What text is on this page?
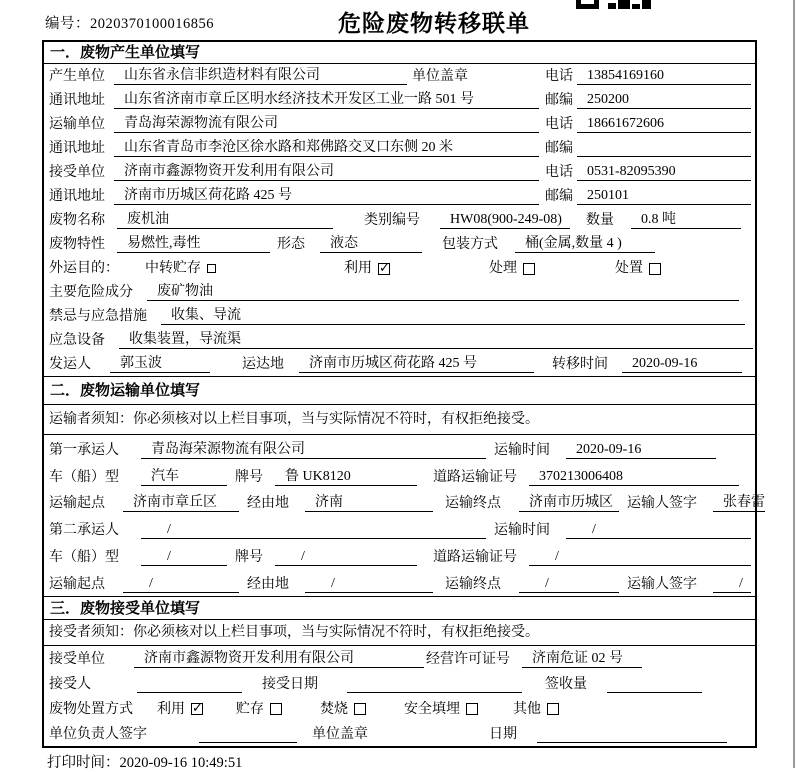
编号：2020370100016856	危险废物转移联单
一．废物产生单位填写
产生单位	山东省永信非织造材料有限公司	单位盖章	电话	13854169160
通讯地址	山东省济南市章丘区明水经济技术开发区工业一路 501 号	邮编	250200
运输单位	青岛海荣源物流有限公司	电话	18661672606
通讯地址	山东省青岛市李沧区徐水路和郑佛路交叉口东侧 20 米	邮编
接受单位	济南市鑫源物资开发利用有限公司	电话	0531-82095390
通讯地址	济南市历城区荷花路 425 号	邮编	250101
废物名称	废机油	类别编号	HW08(900-249-08)	数量	0.8 吨
废物特性	易燃性,毒性	形态	液态	包装方式	桶(金属,数量 4 )
外运目的：	中转贮存	利用 ✓	处理	处置
主要危险成分	废矿物油
禁忌与应急措施	收集、导流
应急设备	收集装置，导流渠
发运人	郭玉波	运达地	济南市历城区荷花路 425 号	转移时间	2020-09-16
二．废物运输单位填写
运输者须知：你必须核对以上栏目事项，当与实际情况不符时，有权拒绝接受。
第一承运人	青岛海荣源物流有限公司	运输时间	2020-09-16
车（船）型	汽车	牌号	鲁 UK8120	道路运输证号	370213006408
运输起点	济南市章丘区	经由地	济南	运输终点	济南市历城区	运输人签字	张春雷
第二承运人	/	运输时间	/
车（船）型	/	牌号	/	道路运输证号	/
运输起点	/	经由地	/	运输终点	/	运输人签字	/
三．废物接受单位填写
接受者须知：你必须核对以上栏目事项，当与实际情况不符时，有权拒绝接受。
接受单位	济南市鑫源物资开发利用有限公司	经营许可证号	济南危证 02 号
接受人	接受日期	签收量
废物处置方式	利用 ✓ 贮存	焚烧	安全填埋	其他
单位负责人签字	单位盖章	日期
打印时间：2020-09-16 10:49:51
